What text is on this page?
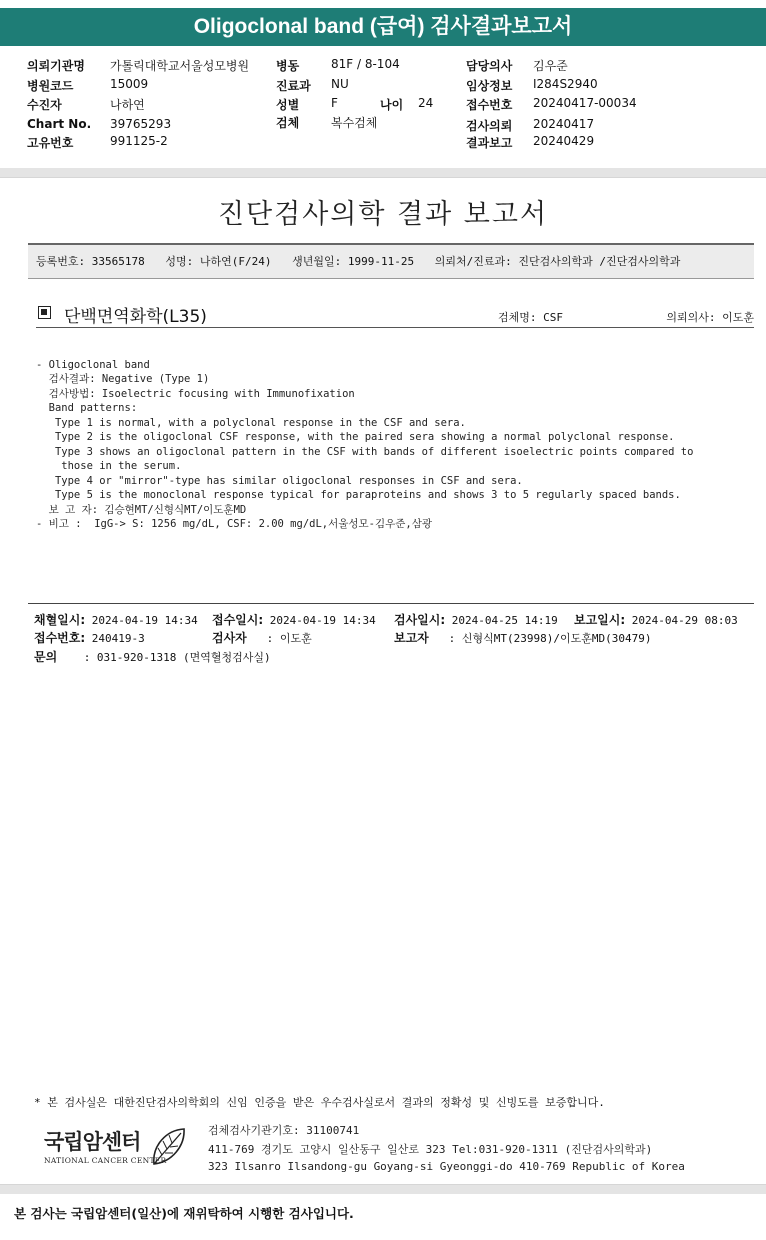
Oligoclonal band (급여) 검사결과보고서
의뢰기관명 가톨릭대학교서울성모병원 병동	81F / 8-104	담당의사 김우준
병원코드	15009	진료과 NU	임상정보 I284S2940
수진자	나하연	성별	F	나이 24	접수번호 20240417-00034
Chart No. 39765293	검체	복수검체	검사의뢰 20240417
고유번호	991125-2	결과보고 20240429
진단검사의학 결과 보고서
등록번호: 33565178 성명: 나하연(F/24) 생년월일: 1999-11-25 의뢰처/진료과: 진단검사의학과 /진단검사의학과
단백면역화학(L35)	검체명: CSF	의뢰의사: 이도훈

- Oligoclonal band
검사결과: Negative (Type 1)
검사방법: Isoelectric focusing with Immunofixation
Band patterns:
Type 1 is normal, with a polyclonal response in the CSF and sera.
Type 2 is the oligoclonal CSF response, with the paired sera showing a normal polyclonal response.
Type 3 shows an oligoclonal pattern in the CSF with bands of different isoelectric points compared to
those in the serum.
Type 4 or "mirror"-type has similar oligoclonal responses in CSF and sera.
Type 5 is the monoclonal response typical for paraproteins and shows 3 to 5 regularly spaced bands.
보 고 자: 김승현MT/신형식MT/이도훈MD
- 비고 :  IgG-> S: 1256 mg/dL, CSF: 2.00 mg/dL,서울성모-김우준,삼광

채혈일시: 2024-04-19 14:34 접수일시: 2024-04-19 14:34 검사일시: 2024-04-25 14:19 보고일시: 2024-04-29 08:03
접수번호: 240419-3	검사자 : 이도훈	보고자 : 신형식MT(23998)/이도훈MD(30479)
문의 : 031-920-1318 (면역혈청검사실)
* 본 검사실은 대한진단검사의학회의 신임 인증을 받은 우수검사실로서 결과의 정확성 및 신빙도를 보증합니다.
국립암센터
NATIONAL CANCER CENTER
검체검사기관기호: 31100741
411-769 경기도 고양시 일산동구 일산로 323 Tel:031-920-1311 (진단검사의학과)
323 Ilsanro Ilsandong-gu Goyang-si Gyeonggi-do 410-769 Republic of Korea
본 검사는 국립암센터(일산)에 재위탁하여 시행한 검사입니다.
